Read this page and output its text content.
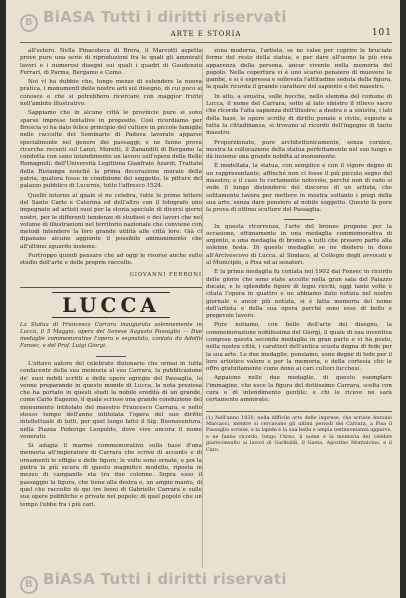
B BiASA Tutti i diritti riservati
ARTE E STORIA	101

all'estero. Nella Pinacoteca di Brera, il Marcotti aspetta prove pure una serie di riproduzioni fra le quali gli ammirati lavori e i numerosi disegni sui quali i quadri di Gaudenzio Ferrari, di Parma, Bergamo e Como.

Noi vi ha dubbio che, lungo mezzo di estendere la nuova pratica, i monumenti delle nostre arti sul disegno, di cui poco si conosce e che si potrebbero ricercare con maggior frutto nell'ambito illustrativo.

Sappiamo che in alcune città le provincie pure si sono sparse imprese tentative in proposito. Così ricordiamo per Brescia vi ha dato felice principio del cultore in piccole famiglie nelle raccolte del Seminario di Padova lavorate apparse specialmente nel genere dei paesaggi; e ne fanno prova ricerche recenti sul Lanzi, Moretti, il Zanandili di Bergamo la condotta con sano intendimento un lavoro sull'opera delle Belle Romagnoli; dell'Università Legittima Gianfrate Azardi, Trattato della Ristampa nonché la prima decorazione murale della patria, qualora fosse in condizione del soggetto, le pitture del palazzo pubblico di Lucerne, tutto l'affresco 1524.

Quello intorno al quale si ne celebra, tutte le prime lettere del Santo Carlo e Caterina ed dell'altro con il fotografo uno impegnato ad artisti suoi per la storia speciale di diversi giorni nostri, per le differenti tendenze di studiosi e dei lavori che nel volume di illustrazioni nel territorio nazionale che conviene con metodi intendere la loro grande utilità alle città loro. Già ci dipanano alcune aggiunte il possibile ammonimento che all'ultimo sguardo insieme.

Purtroppo quindi pensare che ad oggi le risorse anche sullo studio dell'arte e delle proprie raccolte.

GIOVANNI FERRONI
LUCCA
La Statua di Francesco Carrara inaugurata solennemente in Lucca, il 5 Maggio, opera del Senese Augusto Passaglia — Due medaglie commemorative l'opera e segnalata, coniata da Adolfo Fonsec, e del Prof. Luigi Giorgi.

L'ottavo autore del celebrato dizionario che ormai in tutta confacente della sua memoria al suo Carrara, la pubblicazione de' suoi nobili scritti e delle opere egregie del Passaglia, lo venne preparando in questo mondo di Lucca, la nota preziosa che ha portato in questi studi la nobile eredità di un grande, come Carlo Eugenio, il quale scrisse una grande conduzione del monumento intitolato del maestro Francesco Carrara, e nello stesso tempo dell'anno intitolata l'opera del suo diritto intellettuale di tutti, per quel luogo fatto il Sig. Buonaventura, nella Piazza Federigo Leopoldo, dove vive ancora il nome venerato.

Si adagia il marmo commemorativo sulla base d'una memoria all'imperatore di Carrara che scrive di accanto e di ornamenti le effigie e delle figure; le volte sono ornate, e poi la pietra la più sicura di questo magnifico modello, riposta in mezzo di campanile sta tra due colonne. Sopra esso il passaggio la figura, che tiene alla destra e, un ampio manto, di quel che raccolto di qui tre leoni di Gabriello Carrara e sulle sue opere pubbliche e private nel popolo; di quel popolo che un tempo l'ebbe fra i più cari.

zona moderna, l'artista, se ne valse per coprire le bruciate forme del resto della statua, e per dare all'uomo la più viva apparenza della persona, ancor vivente nella memoria del popolo. Nella copertura vi è uno scarso pensiero di muovere le gambe, e si è espressa e sollevata l'attitudine seduta della figura, la quale ricorda il grande carattere del sapiente e del maestro.

In alto, a sinistra, sulle bocche, nello stemma del comune di Lucca, il nome del Carrara; sotto al lato sinistro il rilievo sacro che ricorda l'alta sapienza dell'illustre; a destra e a sinistra, i lati della base, le opere scritte di diritto penale e civile, esposte a tutta la cittadinanza, si trovano al ricordo dell'ingegno di tanto maestro.

Proporzionato, pure architettonicamente, senza cornice, mostra la collocazione della statua perfettamente nel suo luogo e dà insieme una grande nobiltà al monumento.

È modellata, la statua, con semplice e con il vigore degno di un rappresentante, affinché non ci fosse il più piccolo segno del maestro; e il caso fu certamente notevole, perché non di rado si vede il lungo distendersi del discorso di un artista, che solitamente lavora per mettere in mostra soltanto i pregi della sua arte, senza dare pensiero al nobile soggetto. Questo fa pure la prova di ottimo scultore del Passaglia.

In questa ricorrenza, l'arte del bronzo propone per la occasione, ottimamente in una medaglia commemorativa di argento, e una medaglia di bronzo a tutti che presero parte alla solenne festa. Di queste medaglie se ne diedero in dono all'Arcivescovo di Lucca, al Sindaco, al Collegio degli avvocati e al Municipio, a Pisa ed ai senatori.

E la prima medaglia fu coniata nel 1902 dal Fonsec in ricordo delle glorie che sono state accolte nella gran sala del Palazzo ducale, e le splendide figure di legni ricchi, oggi tante volte è citata l'opera in quattro e ne abbiamo dato notizia nel nostro giornale e ancor più notizia, si è fatta memoria del nome dell'artista e della sua opera perché sono esse di bello e pregevole lavoro.

Pure notiamo, con bello dell'arte del disegno, la commemorazione nobilissima del Giorgi, il quale di sua inventiva compose questa seconda medaglia in gran parte e vi ha posto, nella nostra città, i caratteri dell'antica scuola degna di fede per la sua arte. Le due medaglie, pensiamo, sono degne di lode per il loro artistico valore e per la memoria, e della cortesia che le offre gratuitamente come dono ai cari cultori lucchesi.

Appaiono nelle due medaglie, di questo esemplare l'immagine, che esce la figura del dottissimo Carrara, scelta con cura e di intendimento gentile; e chi le riceve ne sarà certamente ammirato.

(1) Nell'anno 1830, nella difficile arte delle imprese, che scrisse Antonio Marcacci, mentre si cercavano gli ultimi periodi del Carrara, a Pisa il Passaglia scrisse, e la lapide e la sua bella e ampia testimonianza apparve, e ne fanno ricordo, lungo l'Arno, il nome e la memoria del celebre giureconsulto ai lavori di Garibaldi, il Gaeta, Agostino Montalcino, e il Caro.
B BiASA Tutti i diritti riservati
